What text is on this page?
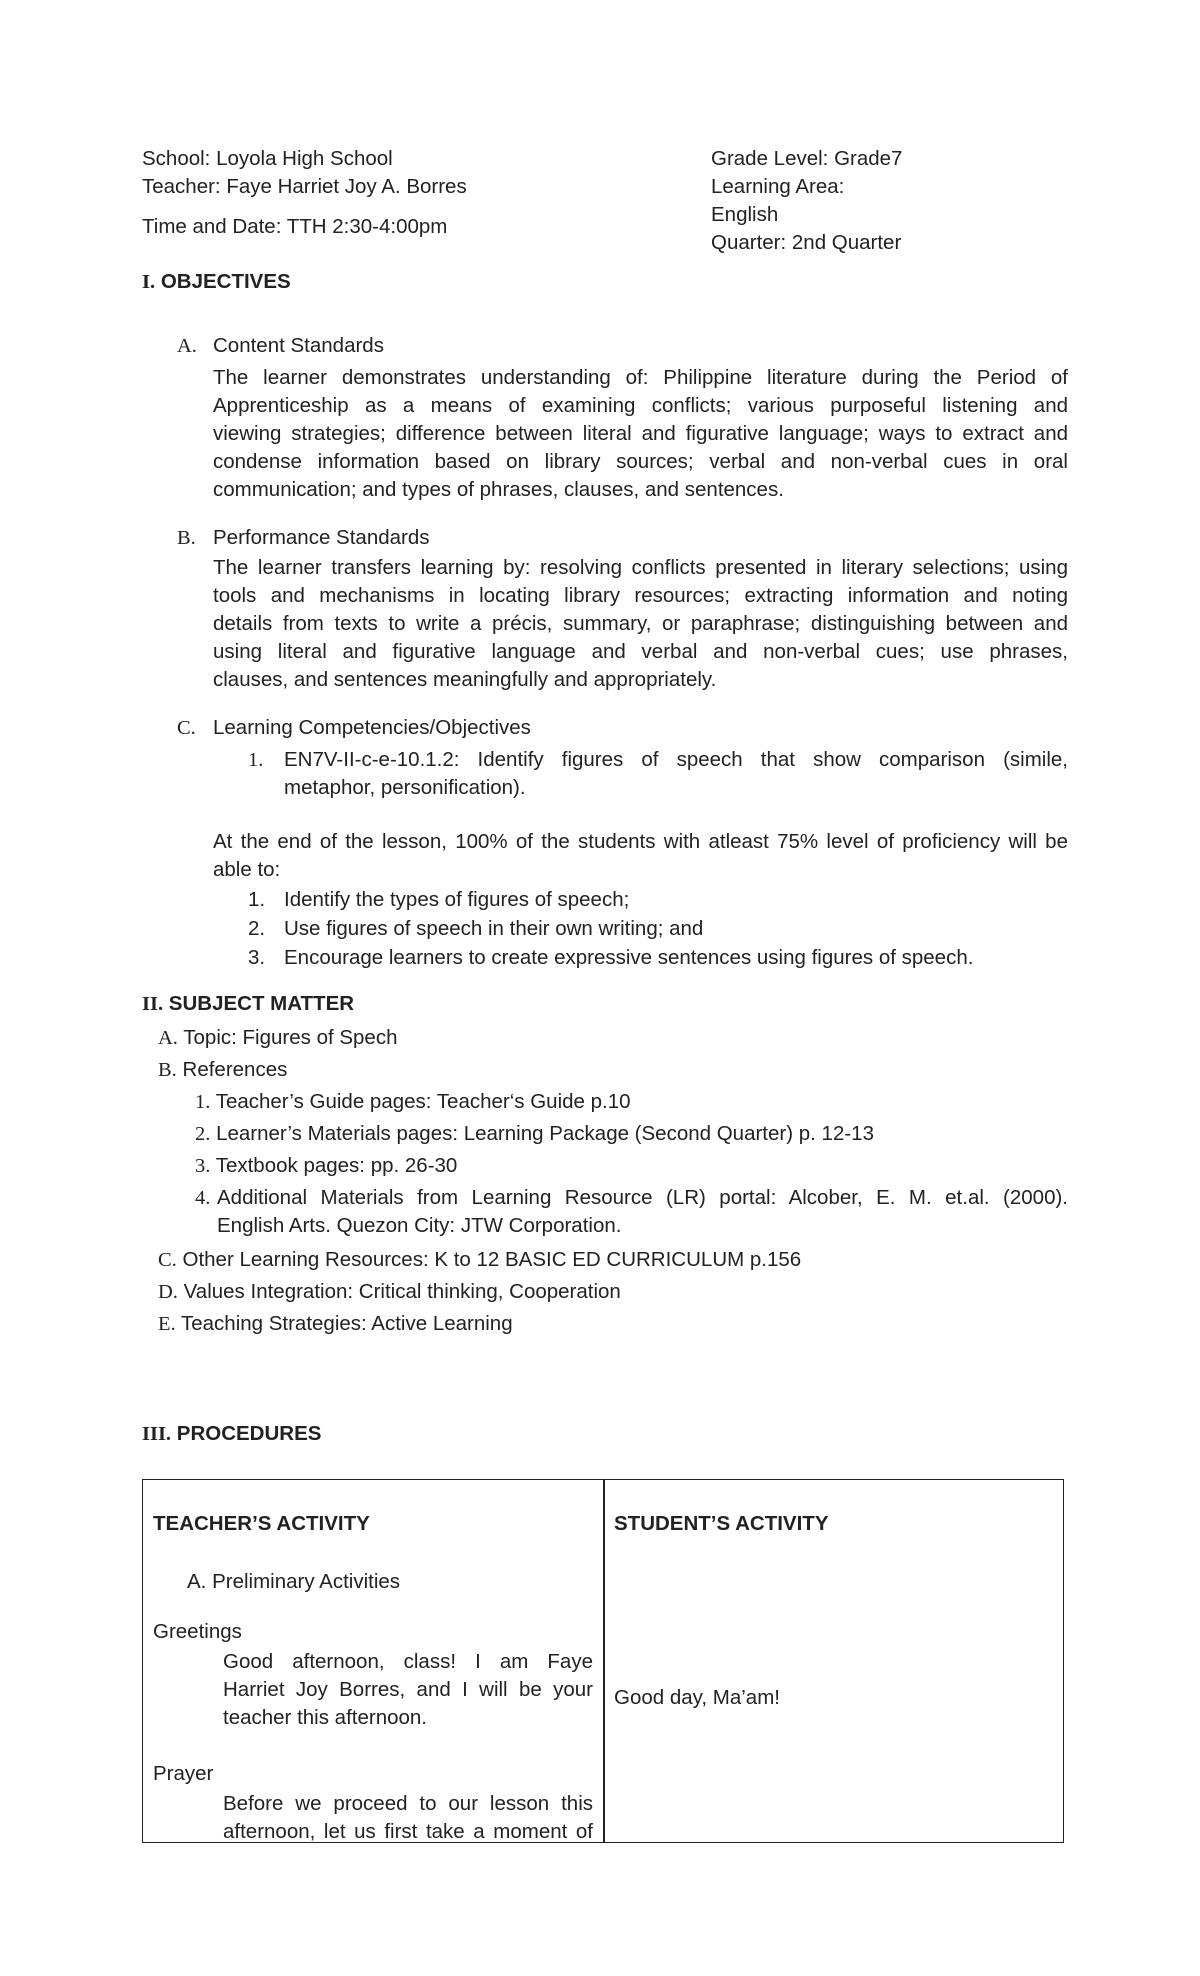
School: Loyola High School
Teacher: Faye Harriet Joy A. Borres
Time and Date: TTH 2:30-4:00pm
Grade Level: Grade7
Learning Area:
English
Quarter: 2nd Quarter
I. OBJECTIVES
A. Content Standards
The learner demonstrates understanding of: Philippine literature during the Period of
Apprenticeship as a means of examining conflicts; various purposeful listening and
viewing strategies; difference between literal and figurative language; ways to extract and
condense information based on library sources; verbal and non-verbal cues in oral
communication; and types of phrases, clauses, and sentences.
B. Performance Standards
The learner transfers learning by: resolving conflicts presented in literary selections; using
tools and mechanisms in locating library resources; extracting information and noting
details from texts to write a précis, summary, or paraphrase; distinguishing between and
using literal and figurative language and verbal and non-verbal cues; use phrases,
clauses, and sentences meaningfully and appropriately.
C. Learning Competencies/Objectives
1. EN7V-II-c-e-10.1.2: Identify figures of speech that show comparison (simile,
metaphor, personification).
At the end of the lesson, 100% of the students with atleast 75% level of proficiency will be
able to:
1. Identify the types of figures of speech;
2. Use figures of speech in their own writing; and
3. Encourage learners to create expressive sentences using figures of speech.
II. SUBJECT MATTER
A. Topic: Figures of Spech
B. References
1. Teacher’s Guide pages: Teacher‘s Guide p.10
2. Learner’s Materials pages: Learning Package (Second Quarter) p. 12-13
3. Textbook pages: pp. 26-30
4. Additional Materials from Learning Resource (LR) portal: Alcober, E. M. et.al. (2000).
English Arts. Quezon City: JTW Corporation.
C. Other Learning Resources: K to 12 BASIC ED CURRICULUM p.156
D. Values Integration: Critical thinking, Cooperation
E. Teaching Strategies: Active Learning
III. PROCEDURES
TEACHER’S ACTIVITY	STUDENT’S ACTIVITY
A. Preliminary Activities
Greetings
Good afternoon, class! I am Faye
Harriet Joy Borres, and I will be your
teacher this afternoon.
Good day, Ma’am!
Prayer
Before we proceed to our lesson this
afternoon, let us first take a moment of
